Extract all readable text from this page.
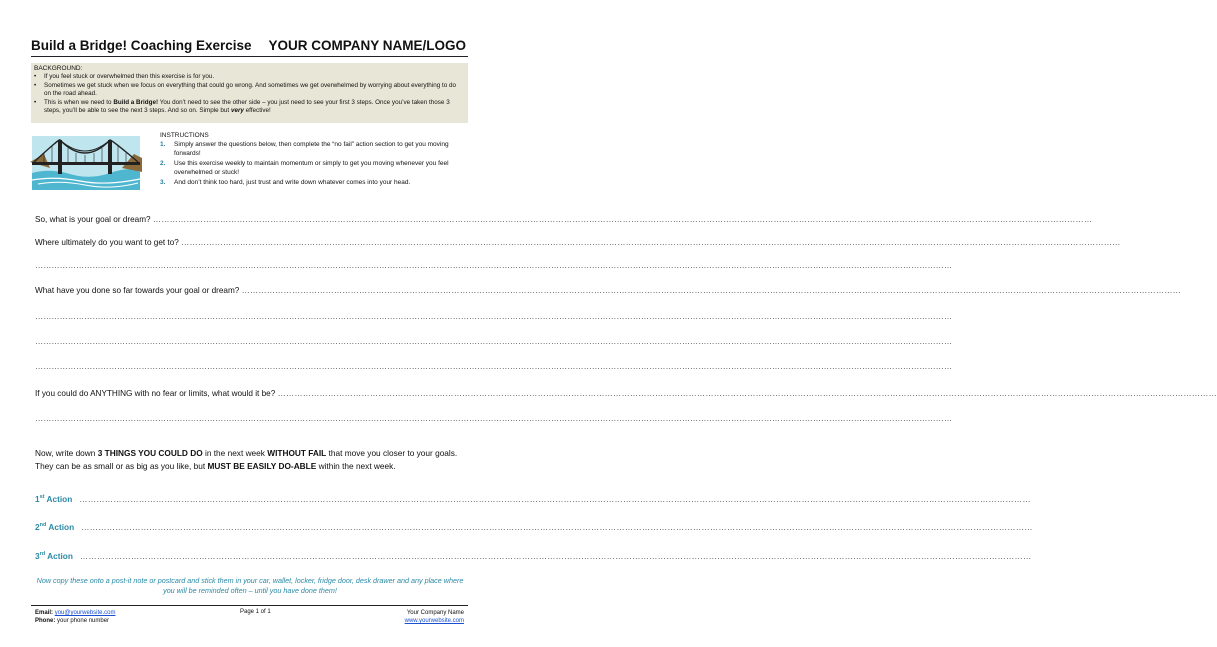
Build a Bridge! Coaching Exercise YOUR COMPANY NAME/LOGO
BACKGROUND:
• If you feel stuck or overwhelmed then this exercise is for you.
• Sometimes we get stuck when we focus on everything that could go wrong. And sometimes we get overwhelmed by worrying about everything to do on the road ahead.
• This is when we need to Build a Bridge! You don’t need to see the other side – you just need to see your first 3 steps. Once you’ve taken those 3 steps, you’ll be able to see the next 3 steps. And so on. Simple but very effective!
INSTRUCTIONS
1. Simply answer the questions below, then complete the “no fail” action section to get you moving forwards!
2. Use this exercise weekly to maintain momentum or simply to get you moving whenever you feel overwhelmed or stuck!
3. And don’t think too hard, just trust and write down whatever comes into your head.
So, what is your goal or dream? …………………………………………………………………………………………………………………………………………………………………………………………………………………………………………………………………………………………………………
Where ultimately do you want to get to? …………………………………………………………………………………………………………………………………………………………………………………………………………………………………………………………………………………………………………
…………………………………………………………………………………………………………………………………………………………………………………………………………………………………………………………………………………………………………
What have you done so far towards your goal or dream? …………………………………………………………………………………………………………………………………………………………………………………………………………………………………………………………………………………………………………
…………………………………………………………………………………………………………………………………………………………………………………………………………………………………………………………………………………………………………
…………………………………………………………………………………………………………………………………………………………………………………………………………………………………………………………………………………………………………
…………………………………………………………………………………………………………………………………………………………………………………………………………………………………………………………………………………………………………
If you could do ANYTHING with no fear or limits, what would it be? …………………………………………………………………………………………………………………………………………………………………………………………………………………………………………………………………………………………………………
…………………………………………………………………………………………………………………………………………………………………………………………………………………………………………………………………………………………………………
Now, write down 3 THINGS YOU COULD DO in the next week WITHOUT FAIL that move you closer to your goals. They can be as small or as big as you like, but MUST BE EASILY DO-ABLE within the next week.
1st Action …………………………………………………………………………………………………………………………………………………………………………………………………………………………………………………………………………………………………………
2nd Action …………………………………………………………………………………………………………………………………………………………………………………………………………………………………………………………………………………………………………
3rd Action …………………………………………………………………………………………………………………………………………………………………………………………………………………………………………………………………………………………………………
Now copy these onto a post-it note or postcard and stick them in your car, wallet, locker, fridge door, desk drawer and any place where you will be reminded often – until you have done them!
Email: you@yourwebsite.com
Phone: your phone number
Page 1 of 1	Your Company Name
www.yourwebsite.com
